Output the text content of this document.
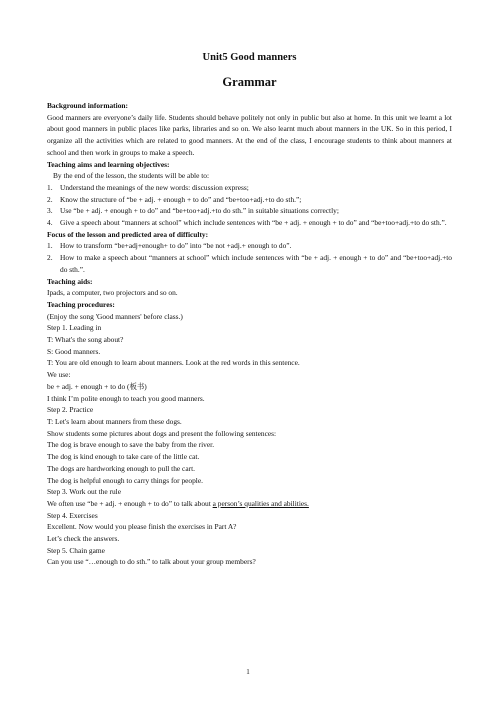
Unit5 Good manners
Grammar
Background information:
Good manners are everyone’s daily life. Students should behave politely not only in public but also at home. In this unit we learnt a lot about good manners in public places like parks, libraries and so on. We also learnt much about manners in the UK. So in this period, I organize all the activities which are related to good manners. At the end of the class, I encourage students to think about manners at school and then work in groups to make a speech.
Teaching aims and learning objectives:
By the end of the lesson, the students will be able to:
1. Understand the meanings of the new words: discussion express;
2. Know the structure of “be + adj. + enough + to do” and “be+too+adj.+to do sth.”;
3. Use “be + adj. + enough + to do” and “be+too+adj.+to do sth.” in suitable situations correctly;
4. Give a speech about “manners at school” which include sentences with “be + adj. + enough + to do” and “be+too+adj.+to do sth.”.
Focus of the lesson and predicted area of difficulty:
1. How to transform “be+adj+enough+ to do” into “be not +adj.+ enough to do”.
2. How to make a speech about “manners at school” which include sentences with “be + adj. + enough + to do” and “be+too+adj.+to do sth.”.
Teaching aids:
Ipads, a computer, two projectors and so on.
Teaching procedures:
(Enjoy the song 'Good manners' before class.)
Step 1. Leading in
T: What's the song about?
S: Good manners.
T: You are old enough to learn about manners. Look at the red words in this sentence.
We use:
be + adj. + enough + to do (板书)
I think I’m polite enough to teach you good manners.
Step 2. Practice
T: Let's learn about manners from these dogs.
Show students some pictures about dogs and present the following sentences:
The dog is brave enough to save the baby from the river.
The dog is kind enough to take care of the little cat.
The dogs are hardworking enough to pull the cart.
The dog is helpful enough to carry things for people.
Step 3. Work out the rule
We often use “be + adj. + enough + to do” to talk about a person’s qualities and abilities.
Step 4. Exercises
Excellent. Now would you please finish the exercises in Part A?
Let’s check the answers.
Step 5. Chain game
Can you use “…enough to do sth.” to talk about your group members?
1
